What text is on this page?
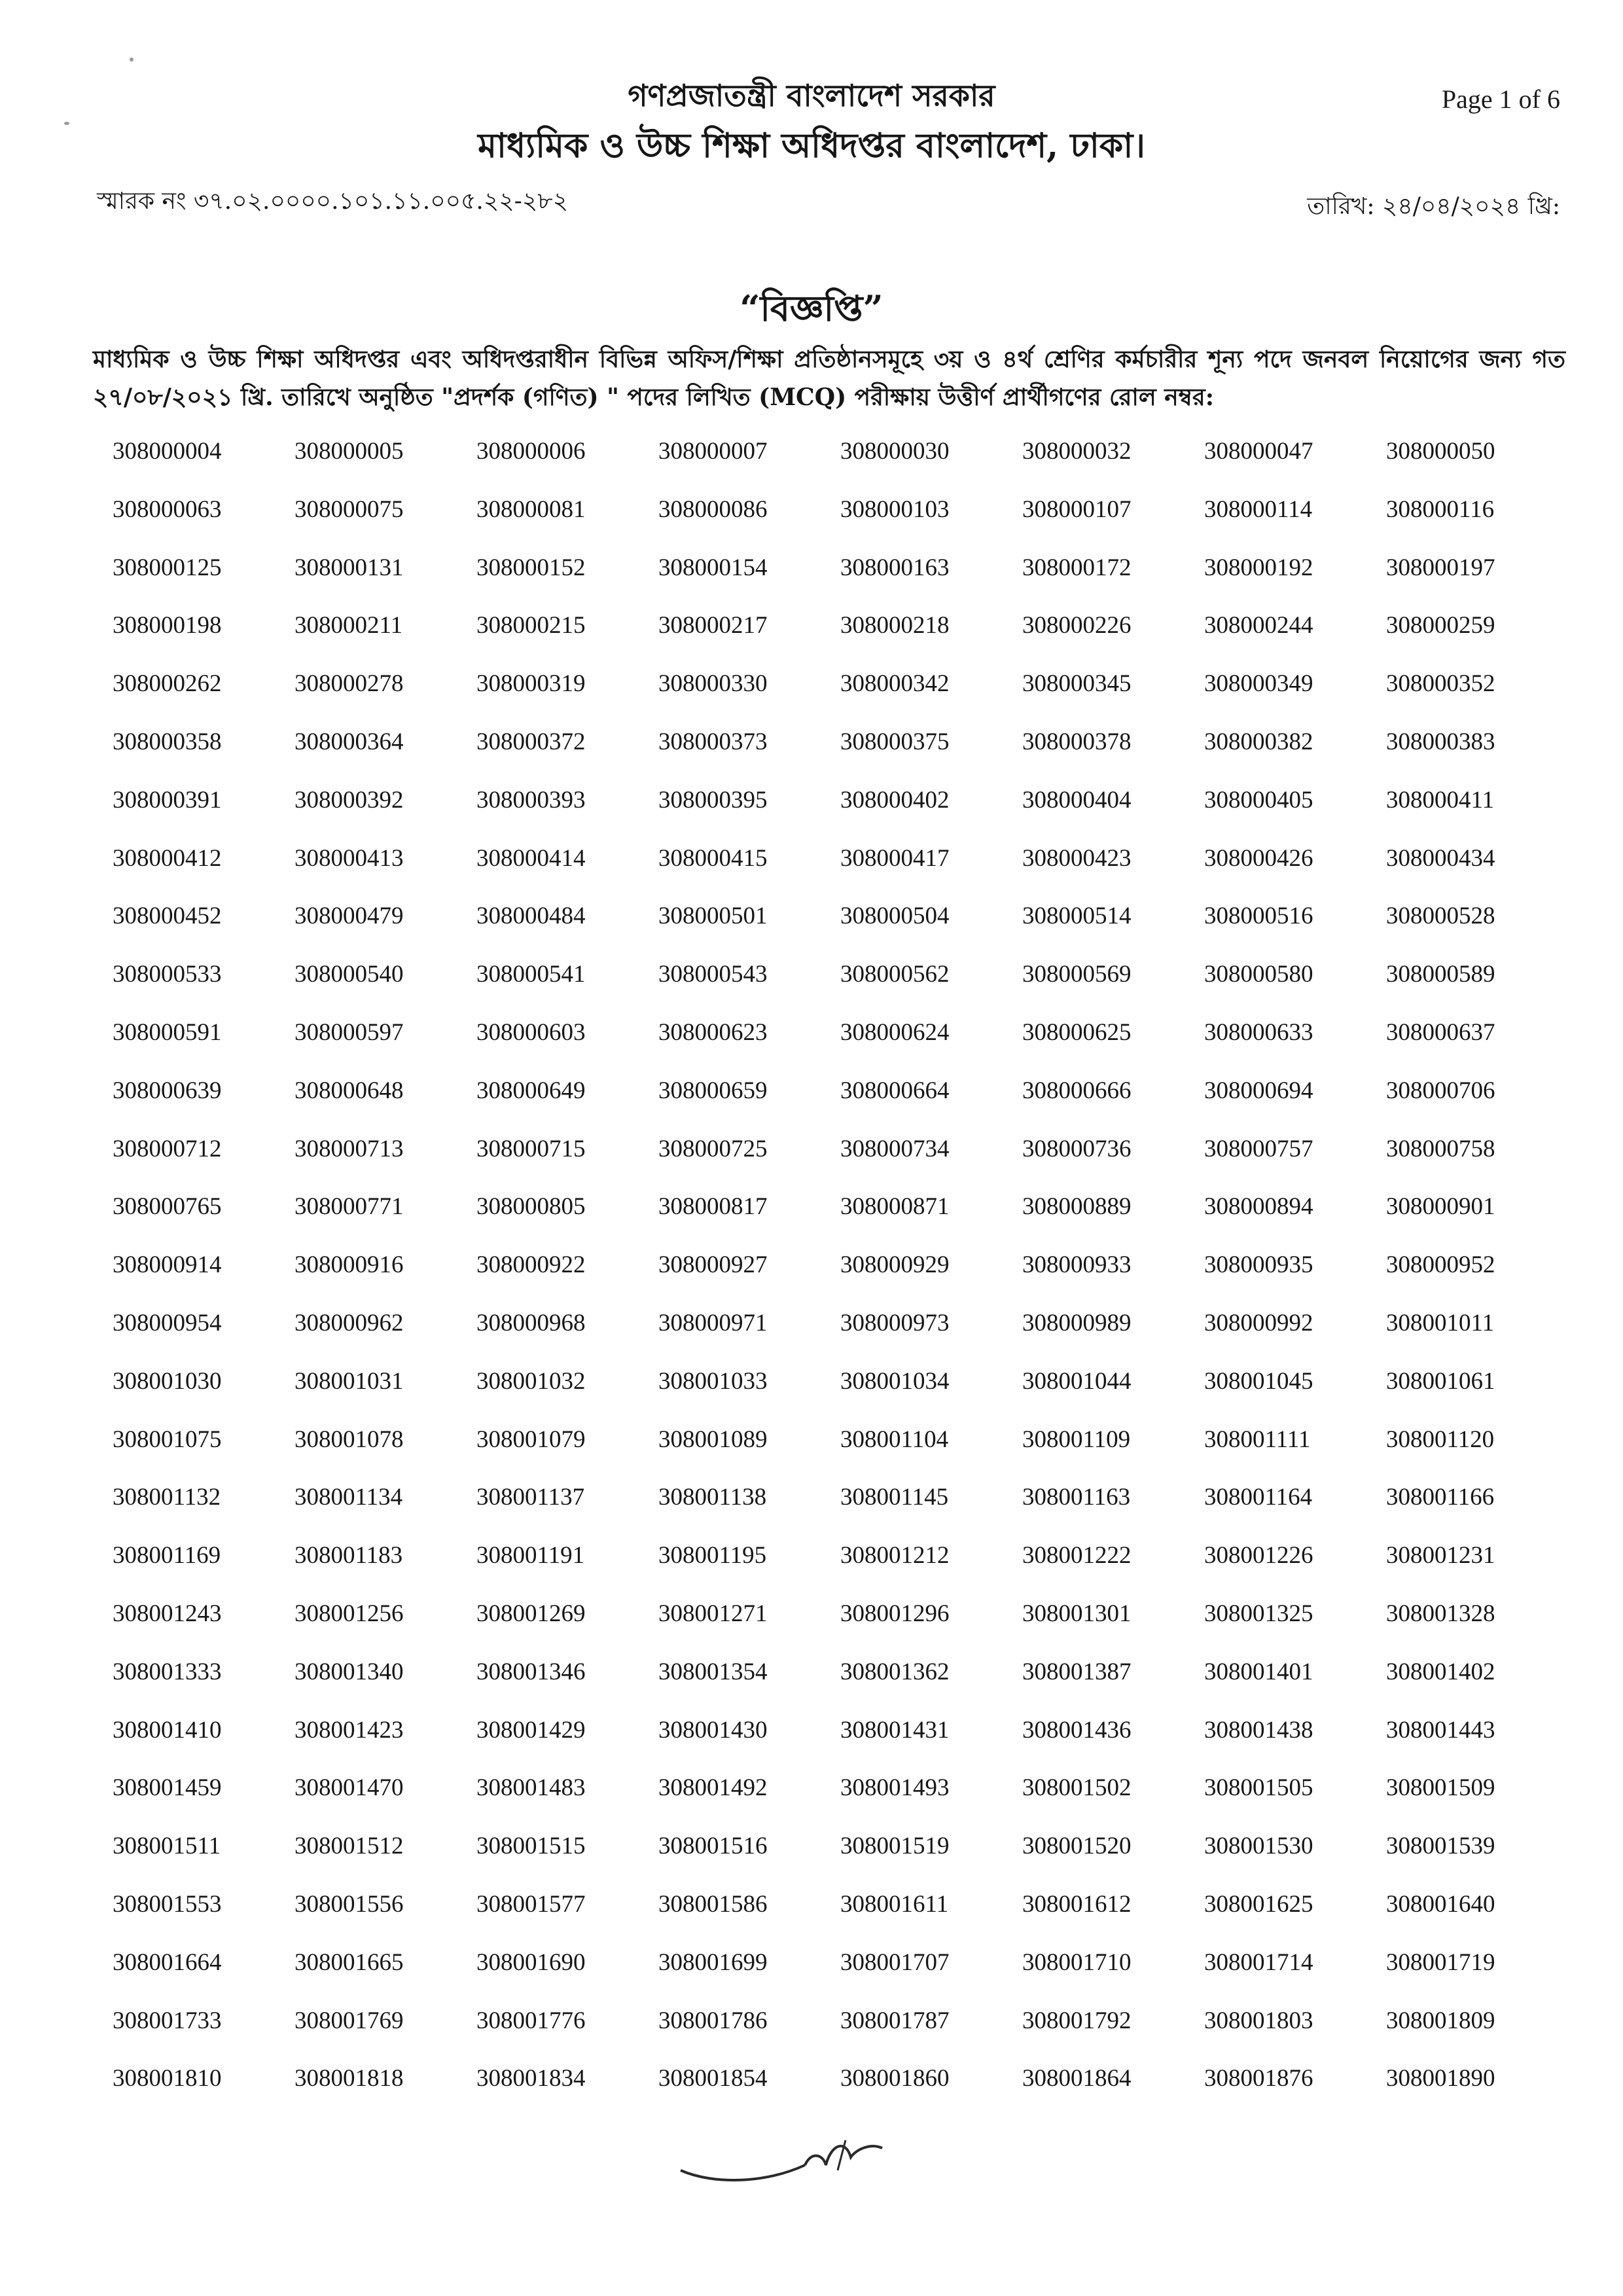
গণপ্রজাতন্ত্রী বাংলাদেশ সরকার
মাধ্যমিক ও উচ্চ শিক্ষা অধিদপ্তর বাংলাদেশ, ঢাকা।
Page 1 of 6
স্মারক নং ৩৭.০২.০০০০.১০১.১১.০০৫.২২-২৮২	তারিখ: ২৪/০৪/২০২৪ খ্রি:
“বিজ্ঞপ্তি”
মাধ্যমিক ও উচ্চ শিক্ষা অধিদপ্তর এবং অধিদপ্তরাধীন বিভিন্ন অফিস/শিক্ষা প্রতিষ্ঠানসমূহে ৩য় ও ৪র্থ শ্রেণির কর্মচারীর শূন্য পদে জনবল নিয়োগের জন্য গত ২৭/০৮/২০২১ খ্রি. তারিখে অনুষ্ঠিত "প্রদর্শক (গণিত) " পদের লিখিত (MCQ) পরীক্ষায় উত্তীর্ণ প্রার্থীগণের রোল নম্বর:
308000004	308000005	308000006	308000007	308000030	308000032	308000047	308000050
308000063	308000075	308000081	308000086	308000103	308000107	308000114	308000116
308000125	308000131	308000152	308000154	308000163	308000172	308000192	308000197
308000198	308000211	308000215	308000217	308000218	308000226	308000244	308000259
308000262	308000278	308000319	308000330	308000342	308000345	308000349	308000352
308000358	308000364	308000372	308000373	308000375	308000378	308000382	308000383
308000391	308000392	308000393	308000395	308000402	308000404	308000405	308000411
308000412	308000413	308000414	308000415	308000417	308000423	308000426	308000434
308000452	308000479	308000484	308000501	308000504	308000514	308000516	308000528
308000533	308000540	308000541	308000543	308000562	308000569	308000580	308000589
308000591	308000597	308000603	308000623	308000624	308000625	308000633	308000637
308000639	308000648	308000649	308000659	308000664	308000666	308000694	308000706
308000712	308000713	308000715	308000725	308000734	308000736	308000757	308000758
308000765	308000771	308000805	308000817	308000871	308000889	308000894	308000901
308000914	308000916	308000922	308000927	308000929	308000933	308000935	308000952
308000954	308000962	308000968	308000971	308000973	308000989	308000992	308001011
308001030	308001031	308001032	308001033	308001034	308001044	308001045	308001061
308001075	308001078	308001079	308001089	308001104	308001109	308001111	308001120
308001132	308001134	308001137	308001138	308001145	308001163	308001164	308001166
308001169	308001183	308001191	308001195	308001212	308001222	308001226	308001231
308001243	308001256	308001269	308001271	308001296	308001301	308001325	308001328
308001333	308001340	308001346	308001354	308001362	308001387	308001401	308001402
308001410	308001423	308001429	308001430	308001431	308001436	308001438	308001443
308001459	308001470	308001483	308001492	308001493	308001502	308001505	308001509
308001511	308001512	308001515	308001516	308001519	308001520	308001530	308001539
308001553	308001556	308001577	308001586	308001611	308001612	308001625	308001640
308001664	308001665	308001690	308001699	308001707	308001710	308001714	308001719
308001733	308001769	308001776	308001786	308001787	308001792	308001803	308001809
308001810	308001818	308001834	308001854	308001860	308001864	308001876	308001890
